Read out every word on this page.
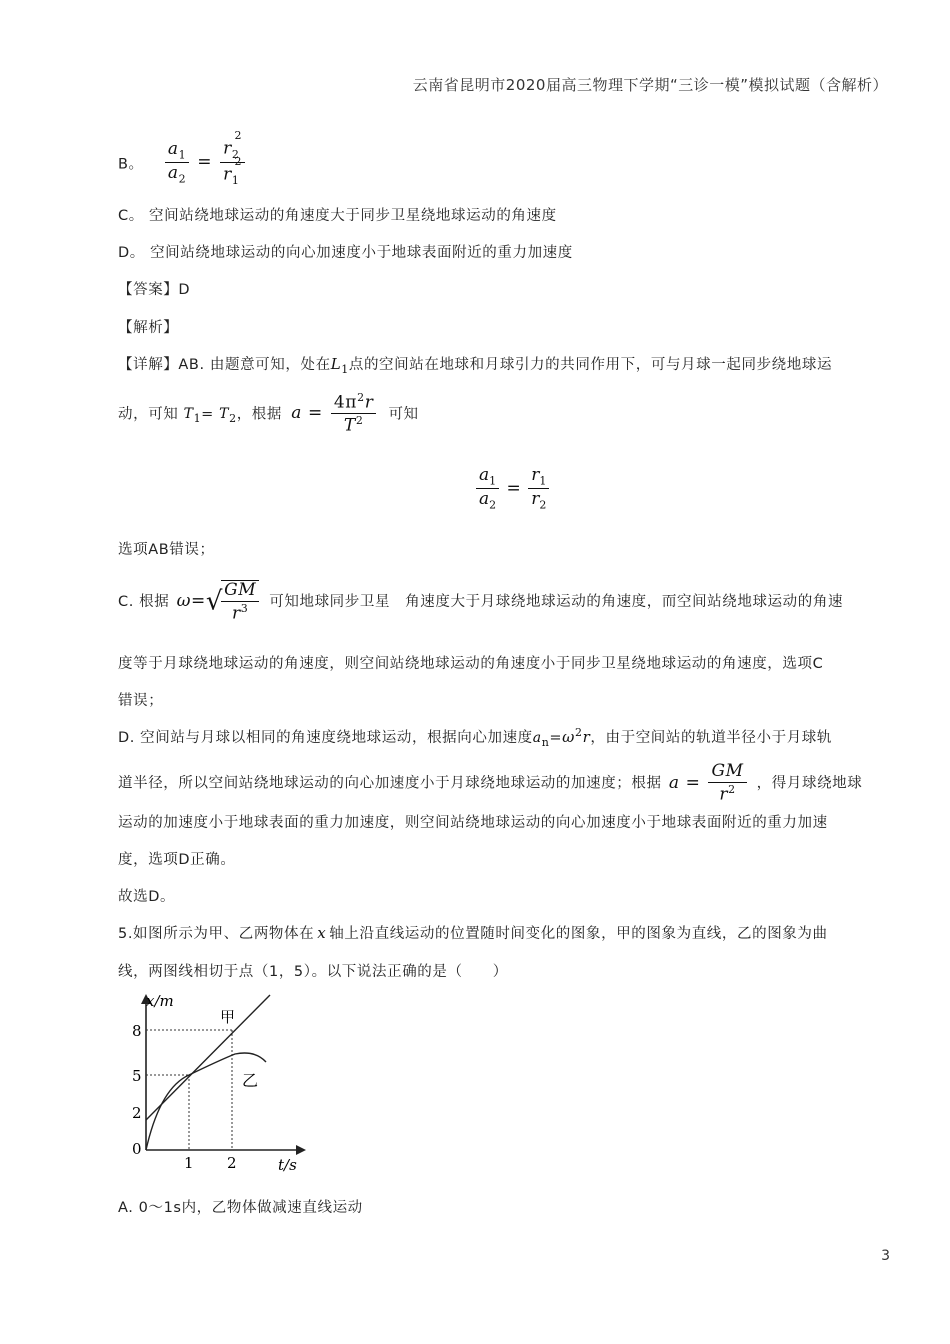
云南省昆明市2020届高三物理下学期“三诊一模”模拟试题（含解析）
B。 $\frac{a_1}{a_2} = \frac{r_2^2}{r_1^2}$
C。 空间站绕地球运动的角速度大于同步卫星绕地球运动的角速度
D。 空间站绕地球运动的向心加速度小于地球表面附近的重力加速度
【答案】D
【解析】
【详解】AB. 由题意可知，处在$L_1$点的空间站在地球和月球引力的共同作用下，可与月球一起同步绕地球运
动，可知 $T_1= T_2$，根据 $a = \frac{4\pi^2r}{T^2}$ 可知
$\frac{a_1}{a_2} = \frac{r_1}{r_2}$
选项AB错误；
C. 根据 ω=√
$\frac{GM}{r^3}$ 可知地球同步卫星　角速度大于月球绕地球运动的角速度，而空间站绕地球运动的角速
度等于月球绕地球运动的角速度，则空间站绕地球运动的角速度小于同步卫星绕地球运动的角速度，选项C
错误；
D. 空间站与月球以相同的角速度绕地球运动，根据向心加速度$a_n=\omega^2r$，由于空间站的轨道半径小于月球轨
道半径，所以空间站绕地球运动的向心加速度小于月球绕地球运动的加速度；根据 $a = \frac{GM}{r^2}$ ，得月球绕地球
运动的加速度小于地球表面的重力加速度，则空间站绕地球运动的向心加速度小于地球表面附近的重力加速
度，选项D正确。
故选D。
5.如图所示为甲、乙两物体在 x 轴上沿直线运动的位置随时间变化的图象，甲的图象为直线，乙的图象为曲
线，两图线相切于点（1，5）。以下说法正确的是（　　）
x/m
t/s
8
5
2
0
1 2
甲
乙
A. 0～1s内，乙物体做减速直线运动
3
